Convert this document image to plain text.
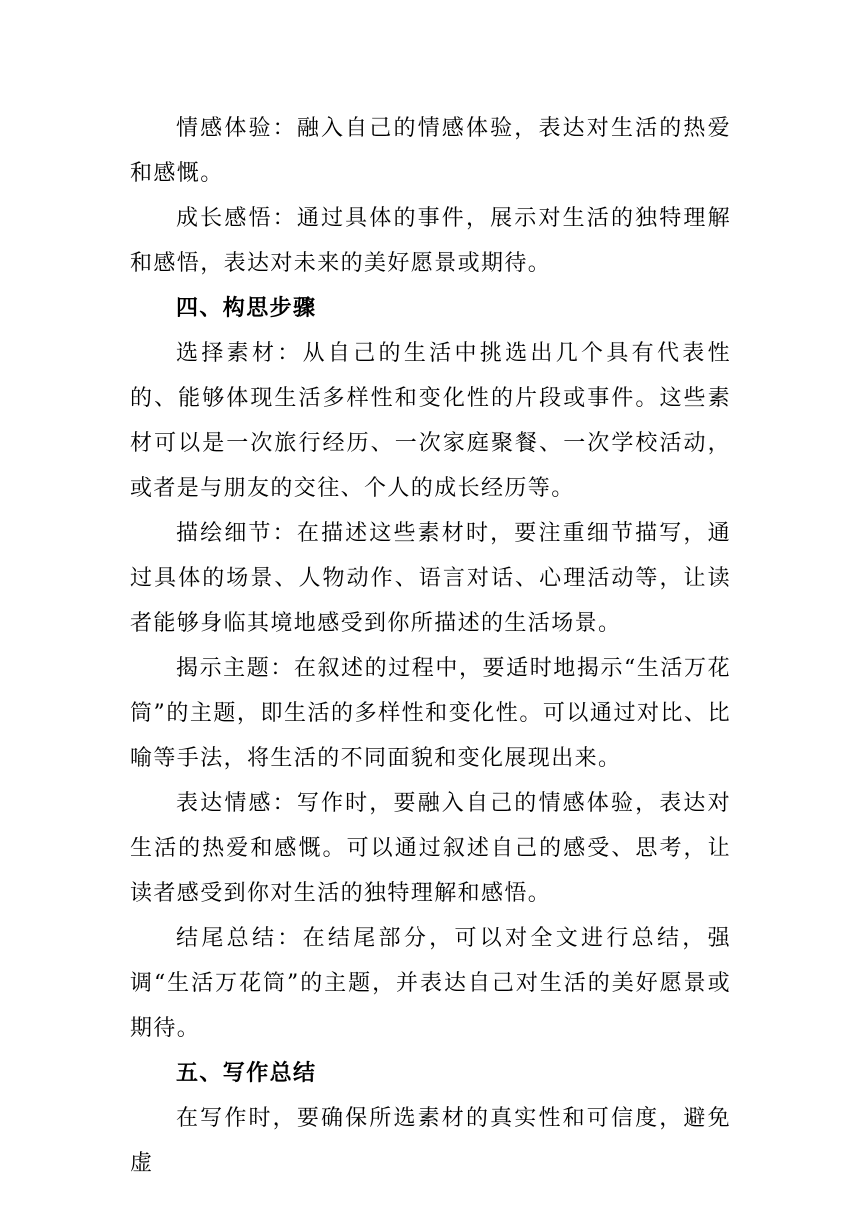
情感体验：融入自己的情感体验，表达对生活的热爱和感慨。

成长感悟：通过具体的事件，展示对生活的独特理解和感悟，表达对未来的美好愿景或期待。

四、构思步骤

选择素材：从自己的生活中挑选出几个具有代表性的、能够体现生活多样性和变化性的片段或事件。这些素材可以是一次旅行经历、一次家庭聚餐、一次学校活动，或者是与朋友的交往、个人的成长经历等。

描绘细节：在描述这些素材时，要注重细节描写，通过具体的场景、人物动作、语言对话、心理活动等，让读者能够身临其境地感受到你所描述的生活场景。

揭示主题：在叙述的过程中，要适时地揭示“生活万花筒”的主题，即生活的多样性和变化性。可以通过对比、比喻等手法，将生活的不同面貌和变化展现出来。

表达情感：写作时，要融入自己的情感体验，表达对生活的热爱和感慨。可以通过叙述自己的感受、思考，让读者感受到你对生活的独特理解和感悟。

结尾总结：在结尾部分，可以对全文进行总结，强调“生活万花筒”的主题，并表达自己对生活的美好愿景或期待。

五、写作总结

在写作时，要确保所选素材的真实性和可信度，避免虚
